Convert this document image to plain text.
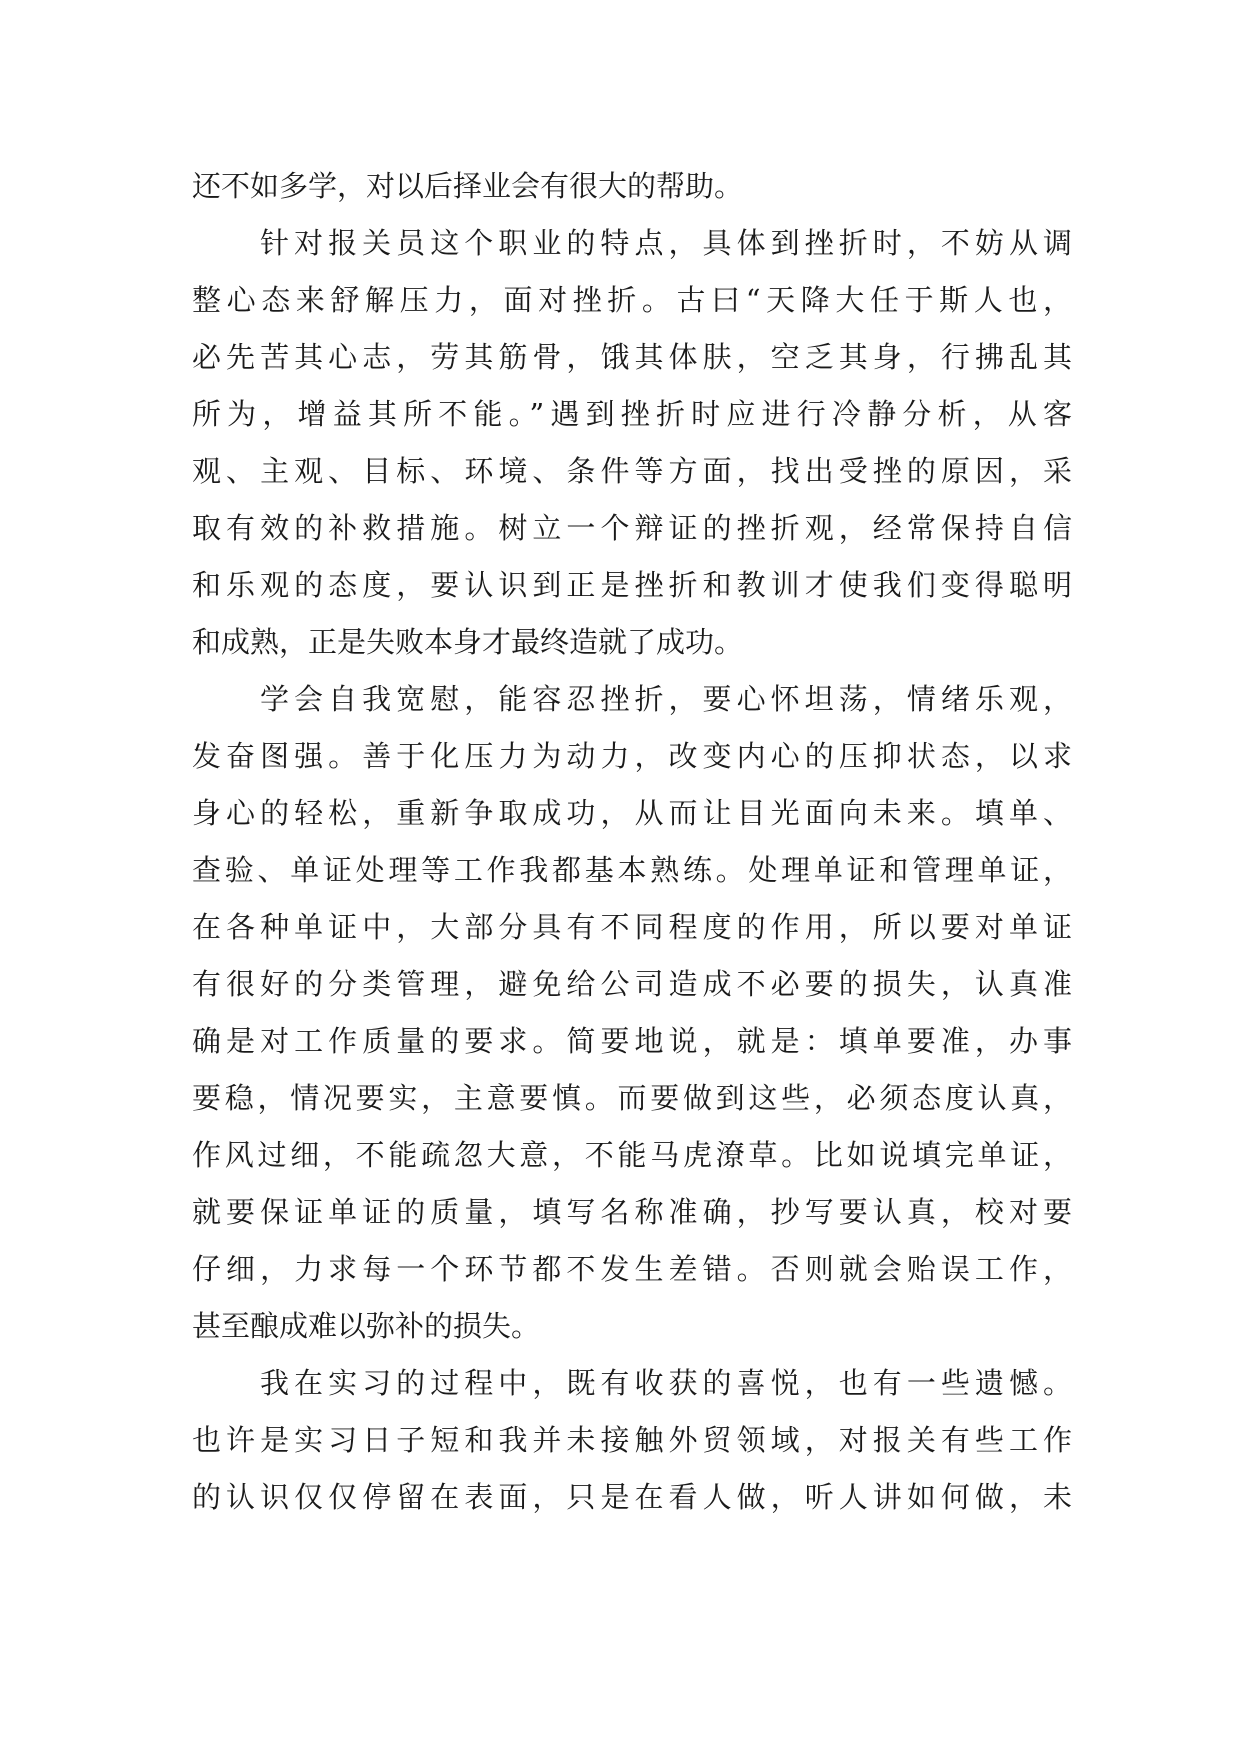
还不如多学，对以后择业会有很大的帮助。
针对报关员这个职业的特点，具体到挫折时，不妨从调
整心态来舒解压力，面对挫折。古曰“天降大任于斯人也，
必先苦其心志，劳其筋骨，饿其体肤，空乏其身，行拂乱其
所为，增益其所不能。”遇到挫折时应进行冷静分析，从客
观、主观、目标、环境、条件等方面，找出受挫的原因，采
取有效的补救措施。树立一个辩证的挫折观，经常保持自信
和乐观的态度，要认识到正是挫折和教训才使我们变得聪明
和成熟，正是失败本身才最终造就了成功。
学会自我宽慰，能容忍挫折，要心怀坦荡，情绪乐观，
发奋图强。善于化压力为动力，改变内心的压抑状态，以求
身心的轻松，重新争取成功，从而让目光面向未来。填单、
查验、单证处理等工作我都基本熟练。处理单证和管理单证，
在各种单证中，大部分具有不同程度的作用，所以要对单证
有很好的分类管理，避免给公司造成不必要的损失，认真准
确是对工作质量的要求。简要地说，就是：填单要准，办事
要稳，情况要实，主意要慎。而要做到这些，必须态度认真，
作风过细，不能疏忽大意，不能马虎潦草。比如说填完单证，
就要保证单证的质量，填写名称准确，抄写要认真，校对要
仔细，力求每一个环节都不发生差错。否则就会贻误工作，
甚至酿成难以弥补的损失。
我在实习的过程中，既有收获的喜悦，也有一些遗憾。
也许是实习日子短和我并未接触外贸领域，对报关有些工作
的认识仅仅停留在表面，只是在看人做，听人讲如何做，未
